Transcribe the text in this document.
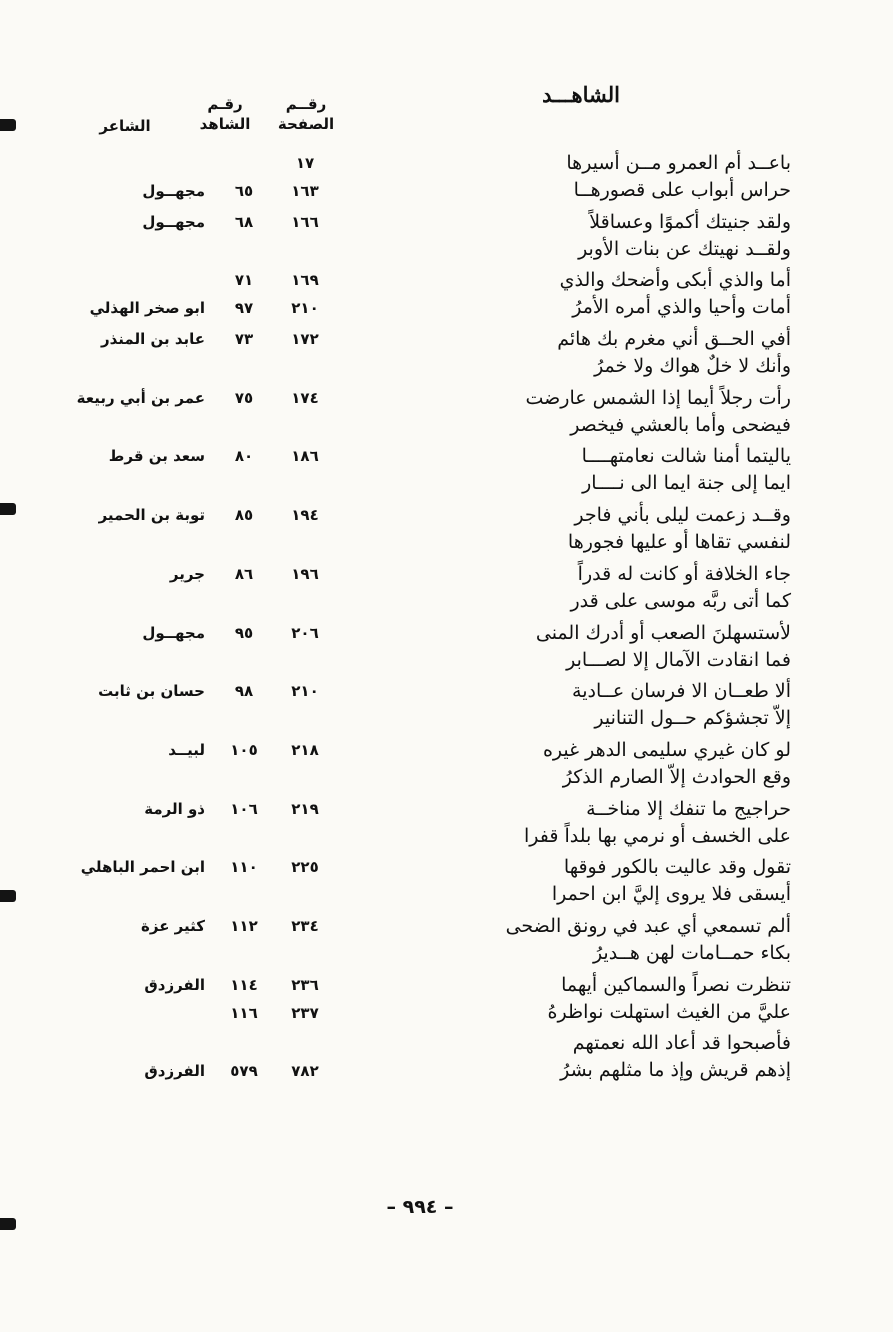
الشاهـــد
رقــم
الصفحة
رقـم
الشاهد
الشاعر
باعــد أم العمرو مــن أسيرها
حراس أبواب على قصورهــا
١٧
١٦٣
٦٥
مجهــول
ولقد جنيتك أكموًا وعساقلاً
ولقــد نهيتك عن بنات الأوبر
١٦٦
٦٨
مجهــول
أما والذي أبكى وأضحك والذي
أمات وأحيا والذي أمره الأمرُ
١٦٩
٧١
٢١٠
٩٧
ابو صخر الهذلي
أفي الحــق أني مغرم بك هائم
وأنك لا خلٌ هواك ولا خمرُ
١٧٢
٧٣
عابد بن المنذر
رأت رجلاً أيما إذا الشمس عارضت
فيضحى وأما بالعشي فيخصر
١٧٤
٧٥
عمر بن أبي ربيعة
ياليتما أمنا شالت نعامتهــــا
ايما إلى جنة ايما الى نــــار
١٨٦
٨٠
سعد بن قرط
وقــد زعمت ليلى بأني فاجر
لنفسي تقاها أو عليها فجورها
١٩٤
٨٥
توبة بن الحمير
جاء الخلافة أو كانت له قدراً
كما أتى ربَّه موسى على قدر
١٩٦
٨٦
جرير
لأستسهلنَ الصعب أو أدرك المنى
فما انقادت الآمال إلا لصـــابر
٢٠٦
٩٥
مجهــول
ألا طعــان الا فرسان عــادية
إلاّ تجشؤكم حــول التنانير
٢١٠
٩٨
حسان بن ثابت
لو كان غيري سليمى الدهر غيره
وقع الحوادث إلاّ الصارم الذكرُ
٢١٨
١٠٥
لبيــد
حراجيج ما تنفك إلا مناخــة
على الخسف أو نرمي بها بلداً قفرا
٢١٩
١٠٦
ذو الرمة
تقول وقد عاليت بالكور فوقها
أيسقى فلا يروى إليَّ ابن احمرا
٢٢٥
١١٠
ابن احمر الباهلي
ألم تسمعي أي عبد في رونق الضحى
بكاء حمــامات لهن هــديرُ
٢٣٤
١١٢
كثير عزة
تنظرت نصراً والسماكين أيهما
عليَّ من الغيث استهلت نواظرهُ
٢٣٦
١١٤
الفرزدق
٢٣٧
١١٦
فأصبحوا قد أعاد الله نعمتهم
إذهم قريش وإذ ما مثلهم بشرُ
٧٨٢
٥٧٩
الفرزدق
– ٩٩٤ –
